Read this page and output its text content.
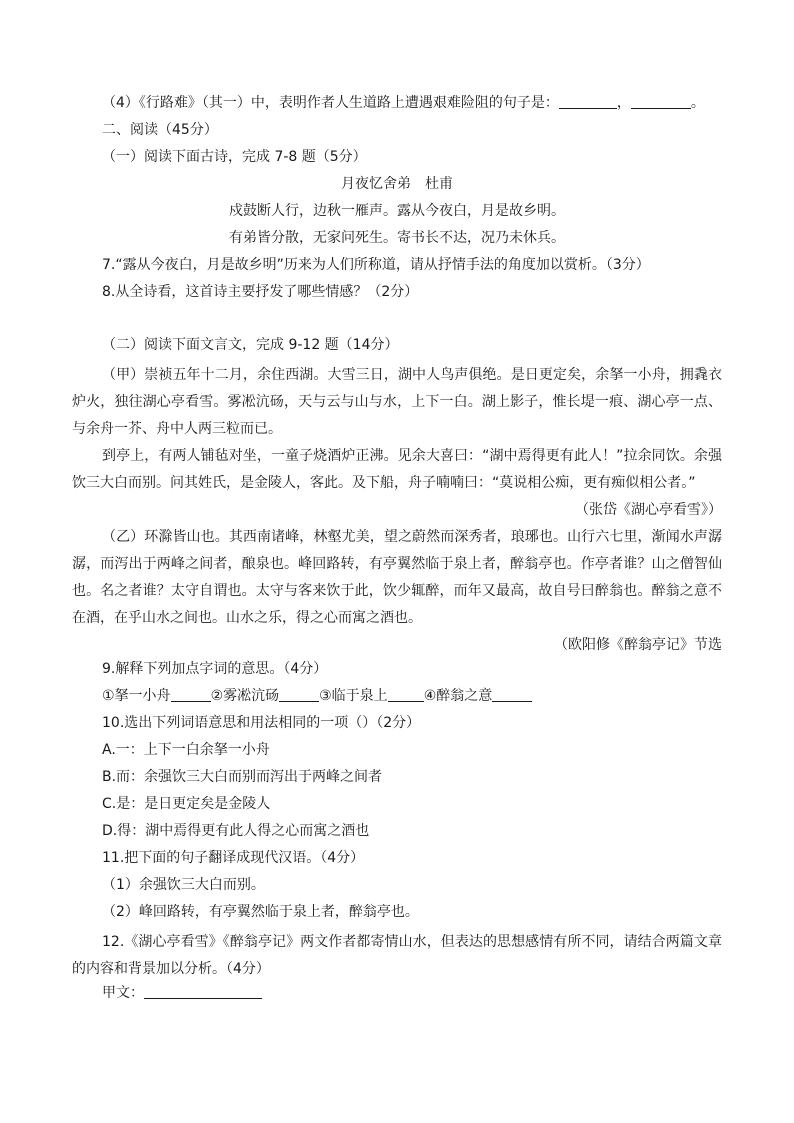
（4）《行路难》（其一）中，表明作者人生道路上遭遇艰难险阻的句子是：	，	。
二、阅读（45分）
（一）阅读下面古诗，完成 7-8 题（5分）
月夜忆舍弟　杜甫
戍鼓断人行，边秋一雁声。露从今夜白，月是故乡明。
有弟皆分散，无家问死生。寄书长不达，况乃未休兵。
7.“露从今夜白，月是故乡明”历来为人们所称道，请从抒情手法的角度加以赏析。（3分）
8.从全诗看，这首诗主要抒发了哪些情感？（2分）
（二）阅读下面文言文，完成 9-12 题（14分）
（甲）崇祯五年十二月，余住西湖。大雪三日，湖中人鸟声俱绝。是日更定矣，余拏一小舟，拥毳衣炉火，独往湖心亭看雪。雾凇沆砀，天与云与山与水，上下一白。湖上影子，惟长堤一痕、湖心亭一点、与余舟一芥、舟中人两三粒而已。
到亭上，有两人铺毡对坐，一童子烧酒炉正沸。见余大喜曰：“湖中焉得更有此人！”拉余同饮。余强饮三大白而别。问其姓氏，是金陵人，客此。及下船，舟子喃喃曰：“莫说相公痴，更有痴似相公者。”
（张岱《湖心亭看雪》）
（乙）环滁皆山也。其西南诸峰，林壑尤美，望之蔚然而深秀者，琅琊也。山行六七里，渐闻水声潺潺，而泻出于两峰之间者，酿泉也。峰回路转，有亭翼然临于泉上者，醉翁亭也。作亭者谁？山之僧智仙也。名之者谁？太守自谓也。太守与客来饮于此，饮少辄醉，而年又最高，故自号曰醉翁也。醉翁之意不在酒，在乎山水之间也。山水之乐，得之心而寓之酒也。
（欧阳修《醉翁亭记》节选
9.解释下列加点字词的意思。（4分）
①拏一小舟	②雾凇沆砀	③临于泉上	④醉翁之意
10.选出下列词语意思和用法相同的一项（）（2分）
A.一：上下一白余拏一小舟
B.而：余强饮三大白而别而泻出于两峰之间者
C.是：是日更定矣是金陵人
D.得：湖中焉得更有此人得之心而寓之酒也
11.把下面的句子翻译成现代汉语。（4分）
（1）余强饮三大白而别。
（2）峰回路转，有亭翼然临于泉上者，醉翁亭也。
12.《湖心亭看雪》《醉翁亭记》两文作者都寄情山水，但表达的思想感情有所不同，请结合两篇文章的内容和背景加以分析。（4分）
甲文：
